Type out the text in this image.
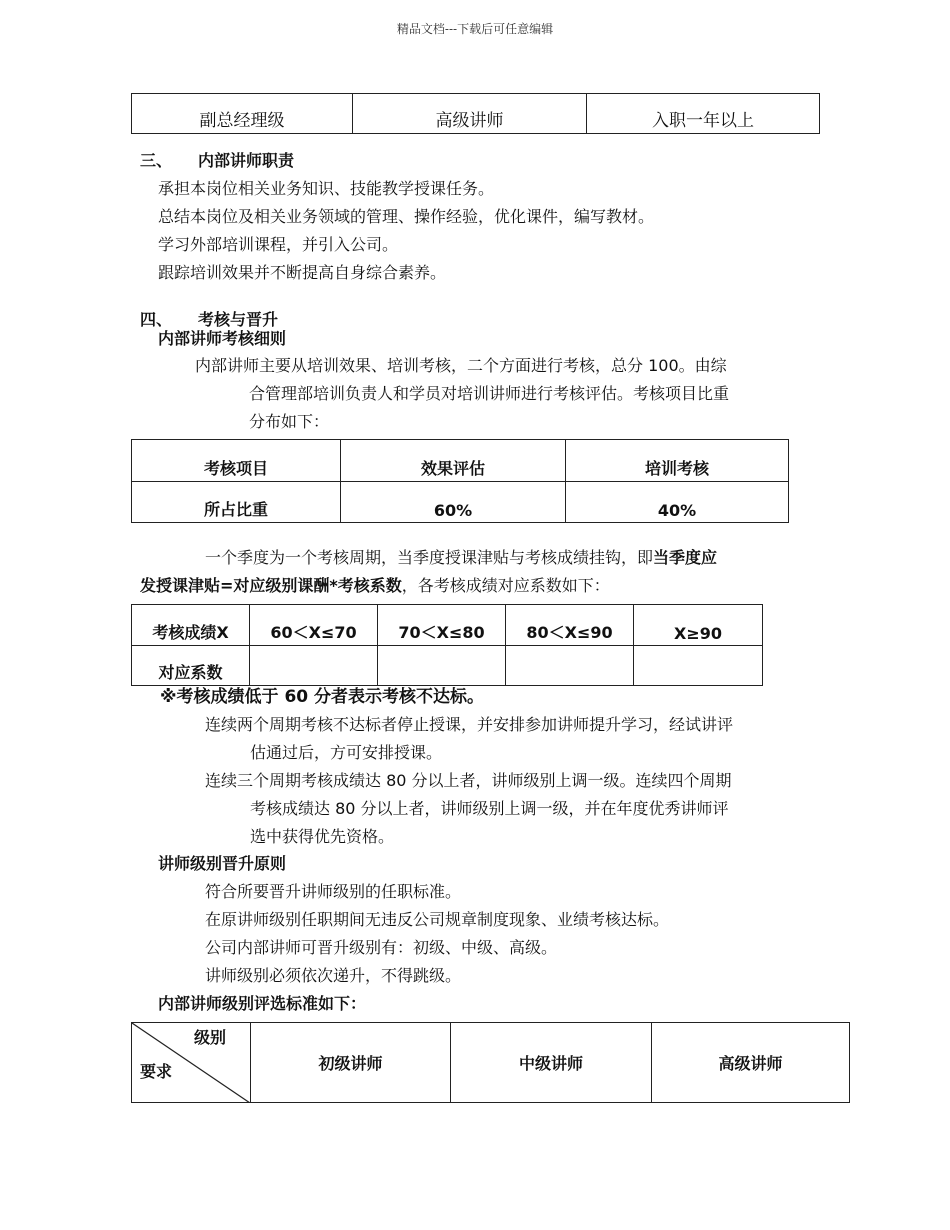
精品文档---下载后可任意编辑
副总经理级	高级讲师	入职一年以上
三、 内部讲师职责
承担本岗位相关业务知识、技能教学授课任务。
总结本岗位及相关业务领域的管理、操作经验，优化课件，编写教材。
学习外部培训课程，并引入公司。
跟踪培训效果并不断提高自身综合素养。
四、 考核与晋升
内部讲师考核细则
内部讲师主要从培训效果、培训考核，二个方面进行考核，总分 100。由综
合管理部培训负责人和学员对培训讲师进行考核评估。考核项目比重
分布如下：
考核项目	效果评估	培训考核
所占比重	60%	40%
一个季度为一个考核周期，当季度授课津贴与考核成绩挂钩，即当季度应
发授课津贴=对应级别课酬*考核系数，各考核成绩对应系数如下：
考核成绩X	60＜X≤70	70＜X≤80	80＜X≤90	X≥90
对应系数				
※考核成绩低于 60 分者表示考核不达标。
连续两个周期考核不达标者停止授课，并安排参加讲师提升学习，经试讲评
估通过后，方可安排授课。
连续三个周期考核成绩达 80 分以上者，讲师级别上调一级。连续四个周期
考核成绩达 80 分以上者，讲师级别上调一级，并在年度优秀讲师评
选中获得优先资格。
讲师级别晋升原则
符合所要晋升讲师级别的任职标准。
在原讲师级别任职期间无违反公司规章制度现象、业绩考核达标。
公司内部讲师可晋升级别有：初级、中级、高级。
讲师级别必须依次递升，不得跳级。
内部讲师级别评选标准如下：
级别
要求	初级讲师	中级讲师	高级讲师
